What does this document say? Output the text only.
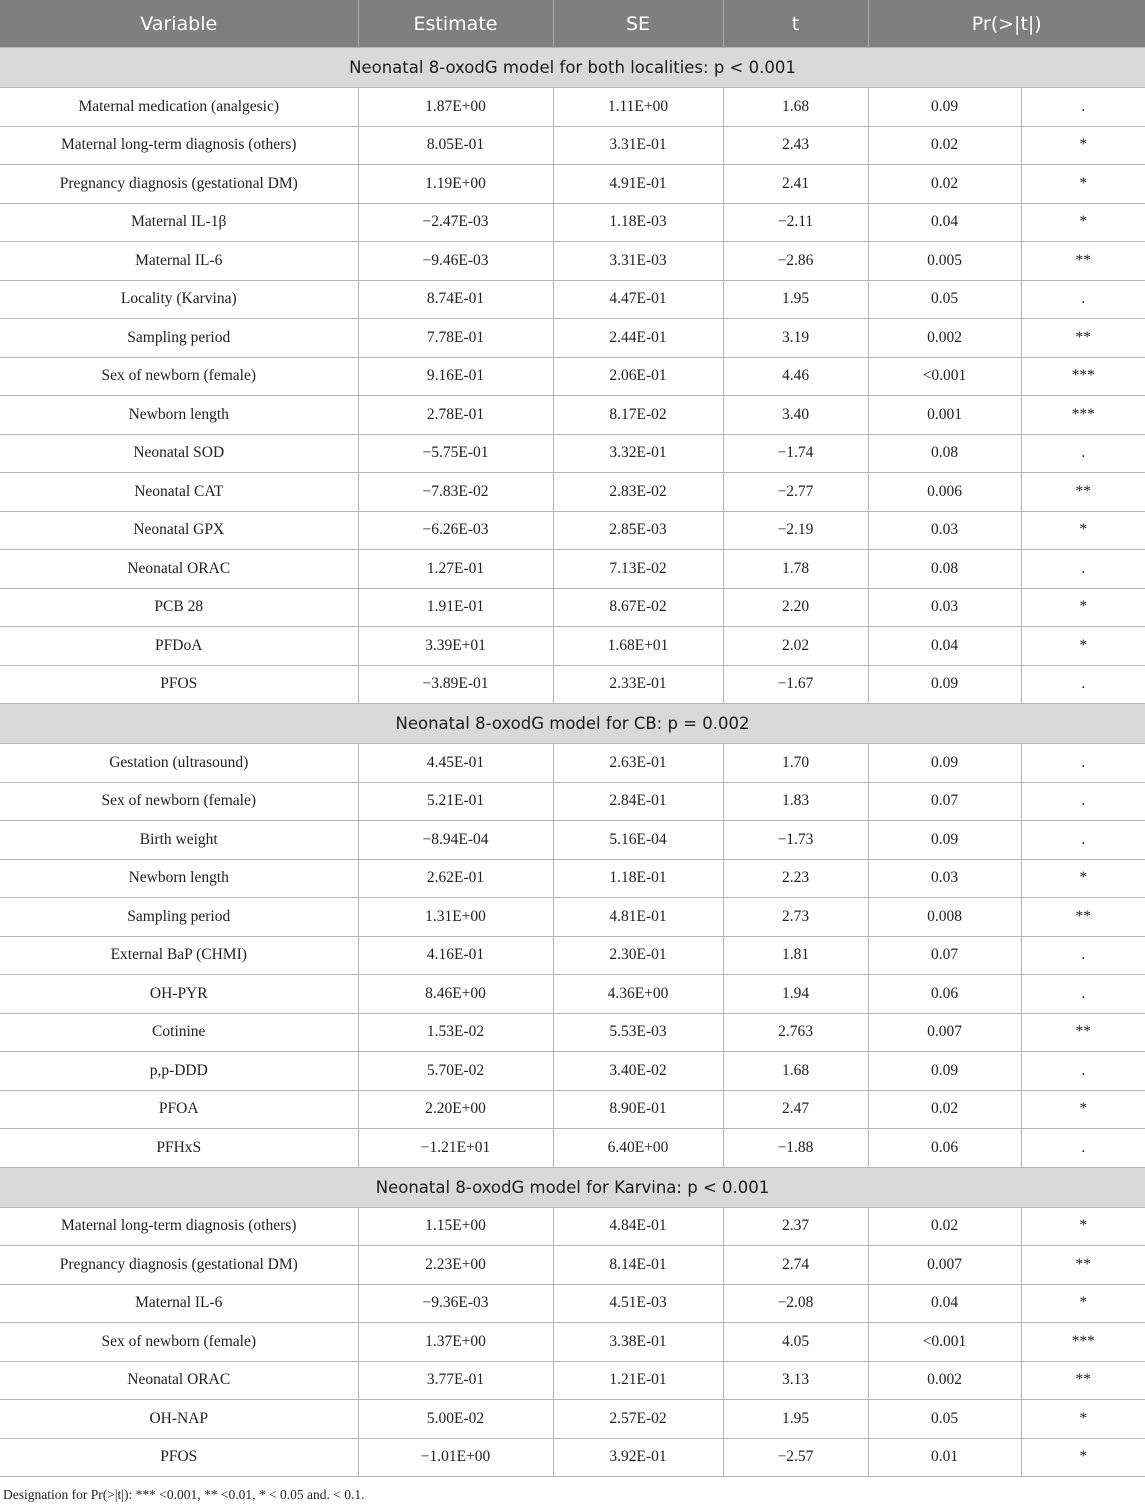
Variable	Estimate	SE	t	Pr(>|t|)	
Neonatal 8-oxodG model for both localities: p < 0.001					
Maternal medication (analgesic)	1.87E+00	1.11E+00	1.68	0.09	.
Maternal long-term diagnosis (others)	8.05E-01	3.31E-01	2.43	0.02	*
Pregnancy diagnosis (gestational DM)	1.19E+00	4.91E-01	2.41	0.02	*
Maternal IL-1β	−2.47E-03	1.18E-03	−2.11	0.04	*
Maternal IL-6	−9.46E-03	3.31E-03	−2.86	0.005	**
Locality (Karvina)	8.74E-01	4.47E-01	1.95	0.05	.
Sampling period	7.78E-01	2.44E-01	3.19	0.002	**
Sex of newborn (female)	9.16E-01	2.06E-01	4.46	<0.001	***
Newborn length	2.78E-01	8.17E-02	3.40	0.001	***
Neonatal SOD	−5.75E-01	3.32E-01	−1.74	0.08	.
Neonatal CAT	−7.83E-02	2.83E-02	−2.77	0.006	**
Neonatal GPX	−6.26E-03	2.85E-03	−2.19	0.03	*
Neonatal ORAC	1.27E-01	7.13E-02	1.78	0.08	.
PCB 28	1.91E-01	8.67E-02	2.20	0.03	*
PFDoA	3.39E+01	1.68E+01	2.02	0.04	*
PFOS	−3.89E-01	2.33E-01	−1.67	0.09	.
Neonatal 8-oxodG model for CB: p = 0.002					
Gestation (ultrasound)	4.45E-01	2.63E-01	1.70	0.09	.
Sex of newborn (female)	5.21E-01	2.84E-01	1.83	0.07	.
Birth weight	−8.94E-04	5.16E-04	−1.73	0.09	.
Newborn length	2.62E-01	1.18E-01	2.23	0.03	*
Sampling period	1.31E+00	4.81E-01	2.73	0.008	**
External BaP (CHMI)	4.16E-01	2.30E-01	1.81	0.07	.
OH-PYR	8.46E+00	4.36E+00	1.94	0.06	.
Cotinine	1.53E-02	5.53E-03	2.763	0.007	**
p,p-DDD	5.70E-02	3.40E-02	1.68	0.09	.
PFOA	2.20E+00	8.90E-01	2.47	0.02	*
PFHxS	−1.21E+01	6.40E+00	−1.88	0.06	.
Neonatal 8-oxodG model for Karvina: p < 0.001					
Maternal long-term diagnosis (others)	1.15E+00	4.84E-01	2.37	0.02	*
Pregnancy diagnosis (gestational DM)	2.23E+00	8.14E-01	2.74	0.007	**
Maternal IL-6	−9.36E-03	4.51E-03	−2.08	0.04	*
Sex of newborn (female)	1.37E+00	3.38E-01	4.05	<0.001	***
Neonatal ORAC	3.77E-01	1.21E-01	3.13	0.002	**
OH-NAP	5.00E-02	2.57E-02	1.95	0.05	*
PFOS	−1.01E+00	3.92E-01	−2.57	0.01	*
Designation for Pr(>|t|): *** <0.001, ** <0.01, * < 0.05 and. < 0.1.
